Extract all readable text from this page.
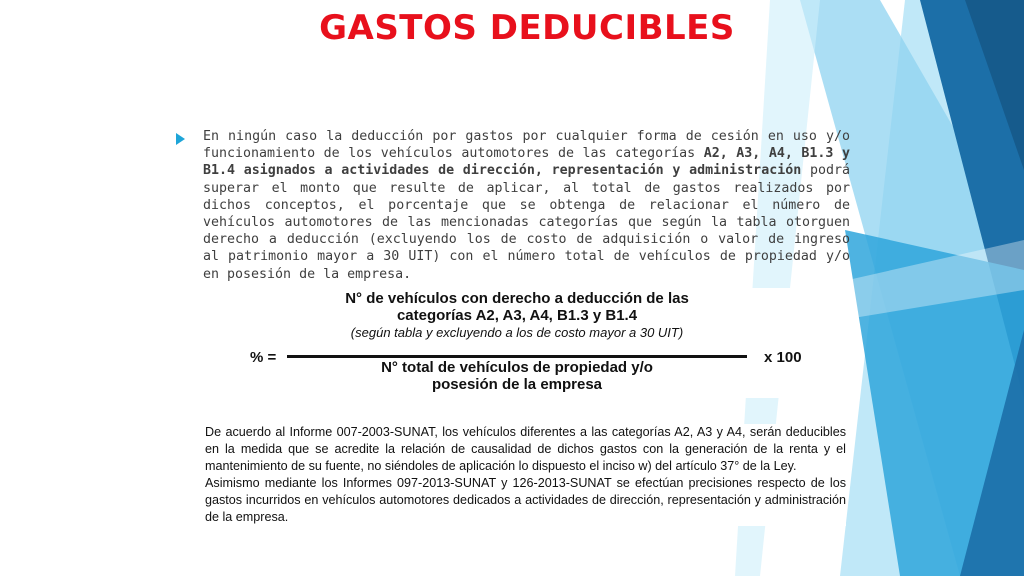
GASTOS DEDUCIBLES

En ningún caso la deducción por gastos por cualquier forma de cesión en uso y/o funcionamiento de los vehículos automotores de las categorías A2, A3, A4, B1.3 y B1.4 asignados a actividades de dirección, representación y administración podrá superar el monto que resulte de aplicar, al total de gastos realizados por dichos conceptos, el porcentaje que se obtenga de relacionar el número de vehículos automotores de las mencionadas categorías que según la tabla otorguen derecho a deducción (excluyendo los de costo de adquisición o valor de ingreso al patrimonio mayor a 30 UIT) con el número total de vehículos de propiedad y/o en posesión de la empresa.

N° de vehículos con derecho a deducción de las
categorías A2, A3, A4, B1.3 y B1.4
(según tabla y excluyendo a los de costo mayor a 30 UIT)
% =	x 100
N° total de vehículos de propiedad y/o
posesión de la empresa

De acuerdo al Informe 007-2003-SUNAT, los vehículos diferentes a las categorías A2, A3 y A4, serán deducibles en la medida que se acredite la relación de causalidad de dichos gastos con la generación de la renta y el mantenimiento de su fuente, no siéndoles de aplicación lo dispuesto el inciso w) del artículo 37° de la Ley.

Asimismo mediante los Informes 097-2013-SUNAT y 126-2013-SUNAT se efectúan precisiones respecto de los gastos incurridos en vehículos automotores dedicados a actividades de dirección, representación y administración de la empresa.
